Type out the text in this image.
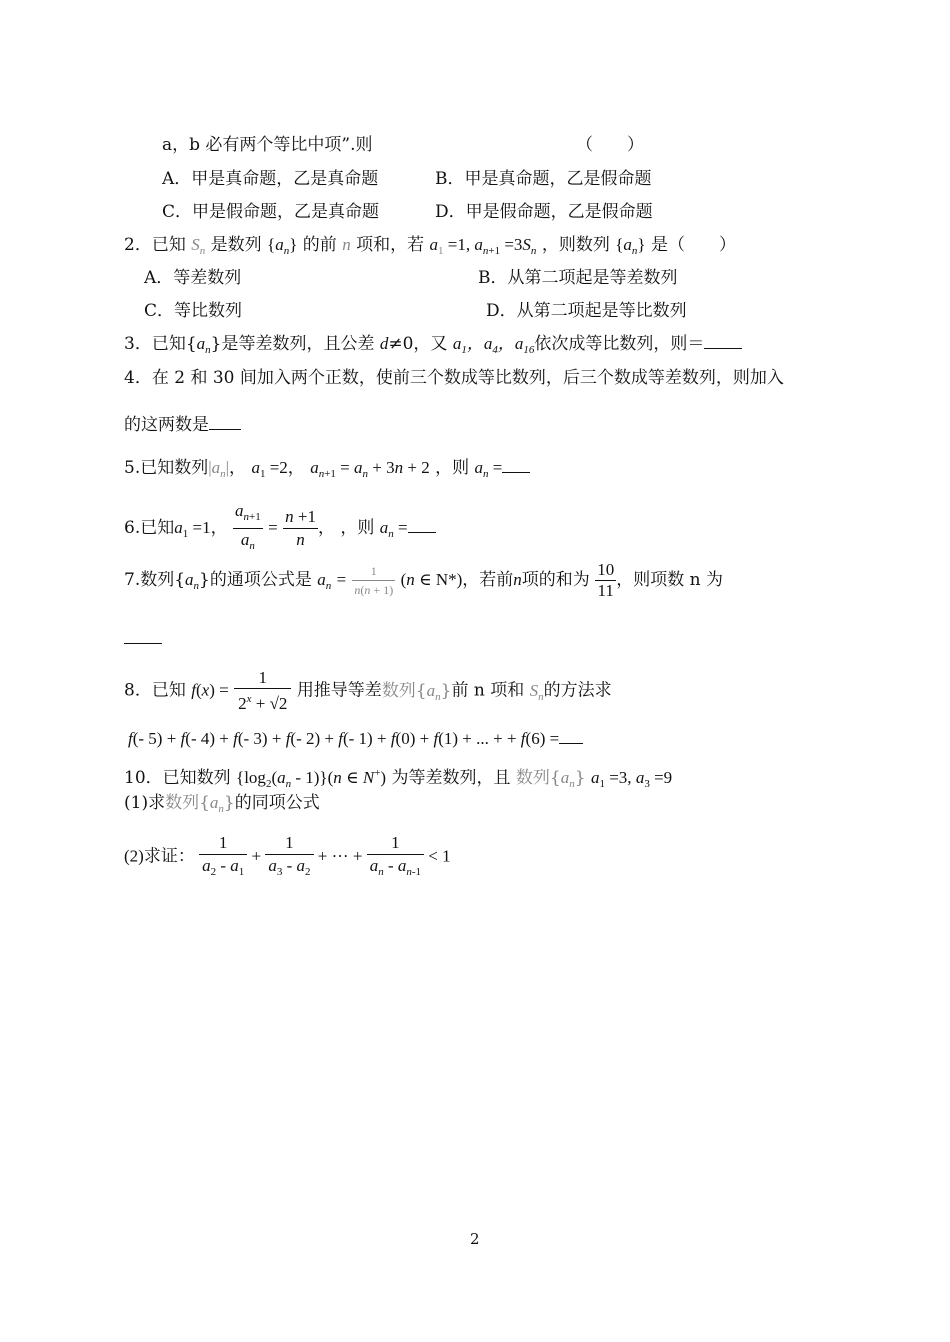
a，b 必有两个等比中项”.则	（　　）
A．甲是真命题，乙是真命题	B．甲是真命题，乙是假命题
C．甲是假命题，乙是真命题	D．甲是假命题，乙是假命题
2．已知 $S_n$ 是数列 $\{a_n\}$ 的前 n 项和，若 $a_1 =1$, $a_{n+1} =3S_n$ ，则数列 $\{a_n\}$ 是（　　）
A．等差数列	B．从第二项起是等差数列
C．等比数列	D．从第二项起是等比数列
3．已知$\{a_n\}$是等差数列，且公差 d≠0，又 $a_1$，$a_4$，$a_{16}$依次成等比数列，则＝
4．在 2 和 30 间加入两个正数，使前三个数成等比数列，后三个数成等差数列，则加入
的这两数是
5.已知数列$|a_n|$， $a_1 =2$， $a_{n+1} = a_n + 3n + 2$ ，则 $a_n$ =
6.已知$a_1 =1$， $\frac{a_{n+1}}{a_n} = \frac{n +1}{n}$ ， ，则 $a_n$ =
7.数列$\{a_n\}$的通项公式是 $a_n = \frac{1}{n(n + 1)} (n$ ∈ N*)，若前n项的和为 $\frac{10}{11}$ ，则项数 n 为
8．已知 $f(x) = \frac{1}{2^x + √2}$ 用推导等差数列$\{a_n\}$前 n 项和 $S_n$的方法求
f(- 5) + f(- 4) + f(- 3) + f(- 2) + f(- 1) + f(0) + f(1) + ... + + f(6) =
10．已知数列 $\{\log_2(a_n - 1)\}(n$ ∈ N+) 为等差数列，且 数列$\{a_n\}$ $a_1 =3$, $a_3 =9$
(1)求数列$\{a_n\}$的同项公式
(2)求证： $\frac{1}{a_2 - a_1} + \frac{1}{a_3 - a_2}$ + ··· + $\frac{1}{a_n - a_{n-1}} < 1$
2
